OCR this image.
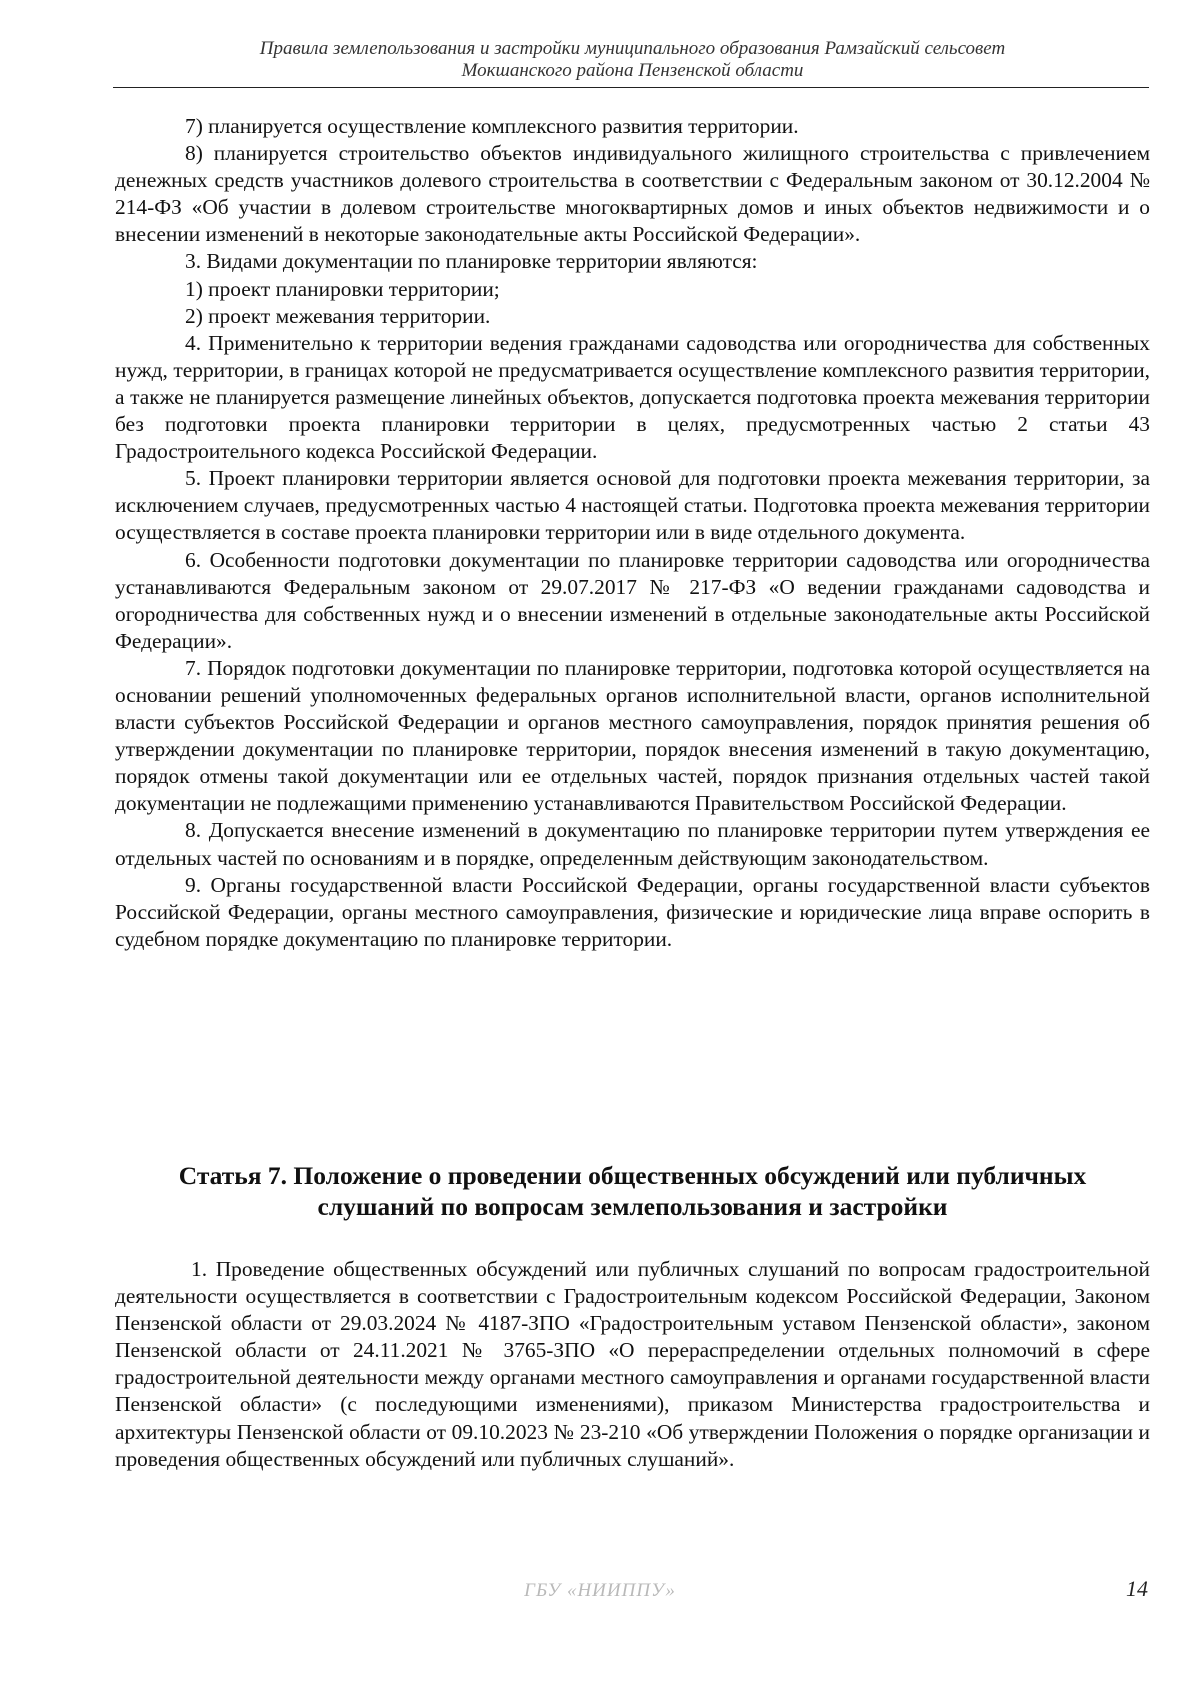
Правила землепользования и застройки муниципального образования Рамзайский сельсовет
Мокшанского района Пензенской области

7) планируется осуществление комплексного развития территории.

8) планируется строительство объектов индивидуального жилищного строительства с привлечением денежных средств участников долевого строительства в соответствии с Федеральным законом от 30.12.2004 № 214-ФЗ «Об участии в долевом строительстве многоквартирных домов и иных объектов недвижимости и о внесении изменений в некоторые законодательные акты Российской Федерации».

3. Видами документации по планировке территории являются:

1) проект планировки территории;

2) проект межевания территории.

4. Применительно к территории ведения гражданами садоводства или огородничества для собственных нужд, территории, в границах которой не предусматривается осуществление комплексного развития территории, а также не планируется размещение линейных объектов, допускается подготовка проекта межевания территории без подготовки проекта планировки территории в целях, предусмотренных частью 2 статьи 43 Градостроительного кодекса Российской Федерации.

5. Проект планировки территории является основой для подготовки проекта межевания территории, за исключением случаев, предусмотренных частью 4 настоящей статьи. Подготовка проекта межевания территории осуществляется в составе проекта планировки территории или в виде отдельного документа.

6. Особенности подготовки документации по планировке территории садоводства или огородничества устанавливаются Федеральным законом от 29.07.2017 № 217-ФЗ «О ведении гражданами садоводства и огородничества для собственных нужд и о внесении изменений в отдельные законодательные акты Российской Федерации».

7. Порядок подготовки документации по планировке территории, подготовка которой осуществляется на основании решений уполномоченных федеральных органов исполнительной власти, органов исполнительной власти субъектов Российской Федерации и органов местного самоуправления, порядок принятия решения об утверждении документации по планировке территории, порядок внесения изменений в такую документацию, порядок отмены такой документации или ее отдельных частей, порядок признания отдельных частей такой документации не подлежащими применению устанавливаются Правительством Российской Федерации.

8. Допускается внесение изменений в документацию по планировке территории путем утверждения ее отдельных частей по основаниям и в порядке, определенным действующим законодательством.

9. Органы государственной власти Российской Федерации, органы государственной власти субъектов Российской Федерации, органы местного самоуправления, физические и юридические лица вправе оспорить в судебном порядке документацию по планировке территории.

Статья 7. Положение о проведении общественных обсуждений или публичных
слушаний по вопросам землепользования и застройки

1. Проведение общественных обсуждений или публичных слушаний по вопросам градостроительной деятельности осуществляется в соответствии с Градостроительным кодексом Российской Федерации, Законом Пензенской области от 29.03.2024 № 4187-ЗПО «Градостроительным уставом Пензенской области», законом Пензенской области от 24.11.2021 № 3765-ЗПО «О перераспределении отдельных полномочий в сфере градостроительной деятельности между органами местного самоуправления и органами государственной власти Пензенской области» (с последующими изменениями), приказом Министерства градостроительства и архитектуры Пензенской области от 09.10.2023 № 23-210 «Об утверждении Положения о порядке организации и проведения общественных обсуждений или публичных слушаний».

ГБУ «НИИППУ»	14
